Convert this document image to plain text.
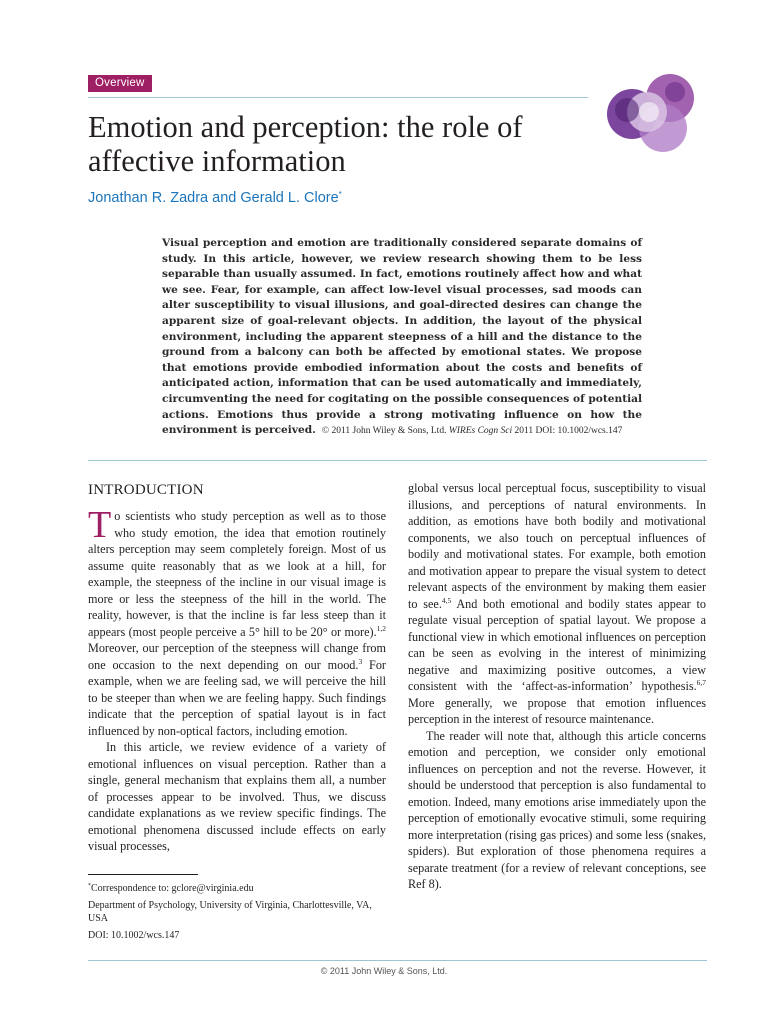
Overview
Emotion and perception: the role of affective information
Jonathan R. Zadra and Gerald L. Clore*

Visual perception and emotion are traditionally considered separate domains of study. In this article, however, we review research showing them to be less separable than usually assumed. In fact, emotions routinely affect how and what we see. Fear, for example, can affect low-level visual processes, sad moods can alter susceptibility to visual illusions, and goal-directed desires can change the apparent size of goal-relevant objects. In addition, the layout of the physical environment, including the apparent steepness of a hill and the distance to the ground from a balcony can both be affected by emotional states. We propose that emotions provide embodied information about the costs and benefits of anticipated action, information that can be used automatically and immediately, circumventing the need for cogitating on the possible consequences of potential actions. Emotions thus provide a strong motivating influence on how the environment is perceived. © 2011 John Wiley & Sons, Ltd. WIREs Cogn Sci 2011 DOI: 10.1002/wcs.147

INTRODUCTION

To scientists who study perception as well as to those who study emotion, the idea that emotion routinely alters perception may seem completely foreign. Most of us assume quite reasonably that as we look at a hill, for example, the steepness of the incline in our visual image is more or less the steepness of the hill in the world. The reality, however, is that the incline is far less steep than it appears (most people perceive a 5° hill to be 20° or more).$^{1,2}$ Moreover, our perception of the steepness will change from one occasion to the next depending on our mood.$^3$ For example, when we are feeling sad, we will perceive the hill to be steeper than when we are feeling happy. Such findings indicate that the perception of spatial layout is in fact influenced by non-optical factors, including emotion.

In this article, we review evidence of a variety of emotional influences on visual perception. Rather than a single, general mechanism that explains them all, a number of processes appear to be involved. Thus, we discuss candidate explanations as we review specific findings. The emotional phenomena discussed include effects on early visual processes,

global versus local perceptual focus, susceptibility to visual illusions, and perceptions of natural environments. In addition, as emotions have both bodily and motivational components, we also touch on perceptual influences of bodily and motivational states. For example, both emotion and motivation appear to prepare the visual system to detect relevant aspects of the environment by making them easier to see.$^{4,5}$ And both emotional and bodily states appear to regulate visual perception of spatial layout. We propose a functional view in which emotional influences on perception can be seen as evolving in the interest of minimizing negative and maximizing positive outcomes, a view consistent with the ‘affect-as-information’ hypothesis.$^{6,7}$ More generally, we propose that emotion influences perception in the interest of resource maintenance.

The reader will note that, although this article concerns emotion and perception, we consider only emotional influences on perception and not the reverse. However, it should be understood that perception is also fundamental to emotion. Indeed, many emotions arise immediately upon the perception of emotionally evocative stimuli, some requiring more interpretation (rising gas prices) and some less (snakes, spiders). But exploration of those phenomena requires a separate treatment (for a review of relevant conceptions, see Ref 8).

*Correspondence to: gclore@virginia.edu

Department of Psychology, University of Virginia, Charlottesville, VA, USA

DOI: 10.1002/wcs.147

© 2011 John Wiley & Sons, Ltd.
